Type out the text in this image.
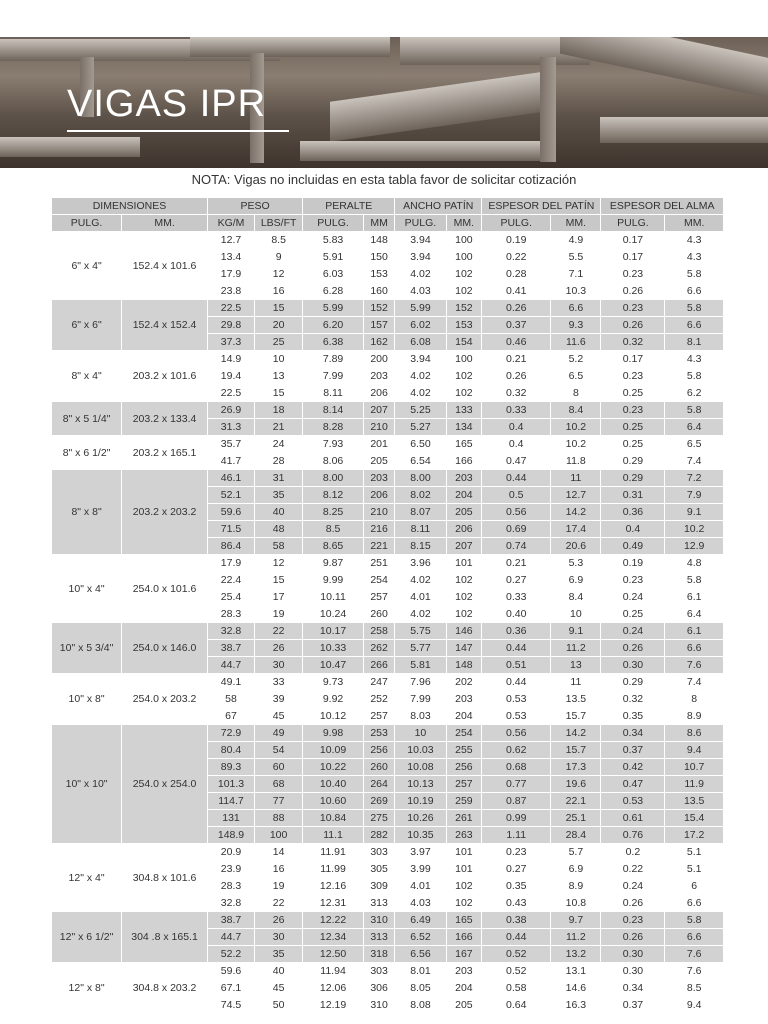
VIGAS IPR
NOTA: Vigas no incluidas en esta tabla favor de solicitar cotización
DIMENSIONES		PESO		PERALTE		ANCHO PATÍN		ESPESOR DEL PATÍN		ESPESOR DEL ALMA	
PULG.	MM.	KG/M	LBS/FT	PULG.	MM	PULG.	MM.	PULG.	MM.	PULG.	MM.
6" x 4"	152.4 x 101.6	12.7	8.5	5.83	148	3.94	100	0.19	4.9	0.17	4.3
		13.4	9	5.91	150	3.94	100	0.22	5.5	0.17	4.3
		17.9	12	6.03	153	4.02	102	0.28	7.1	0.23	5.8
		23.8	16	6.28	160	4.03	102	0.41	10.3	0.26	6.6
6" x 6"	152.4 x 152.4	22.5	15	5.99	152	5.99	152	0.26	6.6	0.23	5.8
		29.8	20	6.20	157	6.02	153	0.37	9.3	0.26	6.6
		37.3	25	6.38	162	6.08	154	0.46	11.6	0.32	8.1
8" x 4"	203.2 x 101.6	14.9	10	7.89	200	3.94	100	0.21	5.2	0.17	4.3
		19.4	13	7.99	203	4.02	102	0.26	6.5	0.23	5.8
		22.5	15	8.11	206	4.02	102	0.32	8	0.25	6.2
8" x 5 1/4"	203.2 x 133.4	26.9	18	8.14	207	5.25	133	0.33	8.4	0.23	5.8
		31.3	21	8.28	210	5.27	134	0.4	10.2	0.25	6.4
8" x 6 1/2"	203.2 x 165.1	35.7	24	7.93	201	6.50	165	0.4	10.2	0.25	6.5
		41.7	28	8.06	205	6.54	166	0.47	11.8	0.29	7.4
8" x 8"	203.2 x 203.2	46.1	31	8.00	203	8.00	203	0.44	11	0.29	7.2
		52.1	35	8.12	206	8.02	204	0.5	12.7	0.31	7.9
		59.6	40	8.25	210	8.07	205	0.56	14.2	0.36	9.1
		71.5	48	8.5	216	8.11	206	0.69	17.4	0.4	10.2
		86.4	58	8.65	221	8.15	207	0.74	20.6	0.49	12.9
10" x 4"	254.0 x 101.6	17.9	12	9.87	251	3.96	101	0.21	5.3	0.19	4.8
		22.4	15	9.99	254	4.02	102	0.27	6.9	0.23	5.8
		25.4	17	10.11	257	4.01	102	0.33	8.4	0.24	6.1
		28.3	19	10.24	260	4.02	102	0.40	10	0.25	6.4
10" x 5 3/4"	254.0 x 146.0	32.8	22	10.17	258	5.75	146	0.36	9.1	0.24	6.1
		38.7	26	10.33	262	5.77	147	0.44	11.2	0.26	6.6
		44.7	30	10.47	266	5.81	148	0.51	13	0.30	7.6
10" x 8"	254.0 x 203.2	49.1	33	9.73	247	7.96	202	0.44	11	0.29	7.4
		58	39	9.92	252	7.99	203	0.53	13.5	0.32	8
		67	45	10.12	257	8.03	204	0.53	15.7	0.35	8.9
10" x 10"	254.0 x 254.0	72.9	49	9.98	253	10	254	0.56	14.2	0.34	8.6
		80.4	54	10.09	256	10.03	255	0.62	15.7	0.37	9.4
		89.3	60	10.22	260	10.08	256	0.68	17.3	0.42	10.7
		101.3	68	10.40	264	10.13	257	0.77	19.6	0.47	11.9
		114.7	77	10.60	269	10.19	259	0.87	22.1	0.53	13.5
		131	88	10.84	275	10.26	261	0.99	25.1	0.61	15.4
		148.9	100	11.1	282	10.35	263	1.11	28.4	0.76	17.2
12" x 4"	304.8 x 101.6	20.9	14	11.91	303	3.97	101	0.23	5.7	0.2	5.1
		23.9	16	11.99	305	3.99	101	0.27	6.9	0.22	5.1
		28.3	19	12.16	309	4.01	102	0.35	8.9	0.24	6
		32.8	22	12.31	313	4.03	102	0.43	10.8	0.26	6.6
12" x 6 1/2"	304 .8 x 165.1	38.7	26	12.22	310	6.49	165	0.38	9.7	0.23	5.8
		44.7	30	12.34	313	6.52	166	0.44	11.2	0.26	6.6
		52.2	35	12.50	318	6.56	167	0.52	13.2	0.30	7.6
12" x 8"	304.8 x 203.2	59.6	40	11.94	303	8.01	203	0.52	13.1	0.30	7.6
		67.1	45	12.06	306	8.05	204	0.58	14.6	0.34	8.5
		74.5	50	12.19	310	8.08	205	0.64	16.3	0.37	9.4
